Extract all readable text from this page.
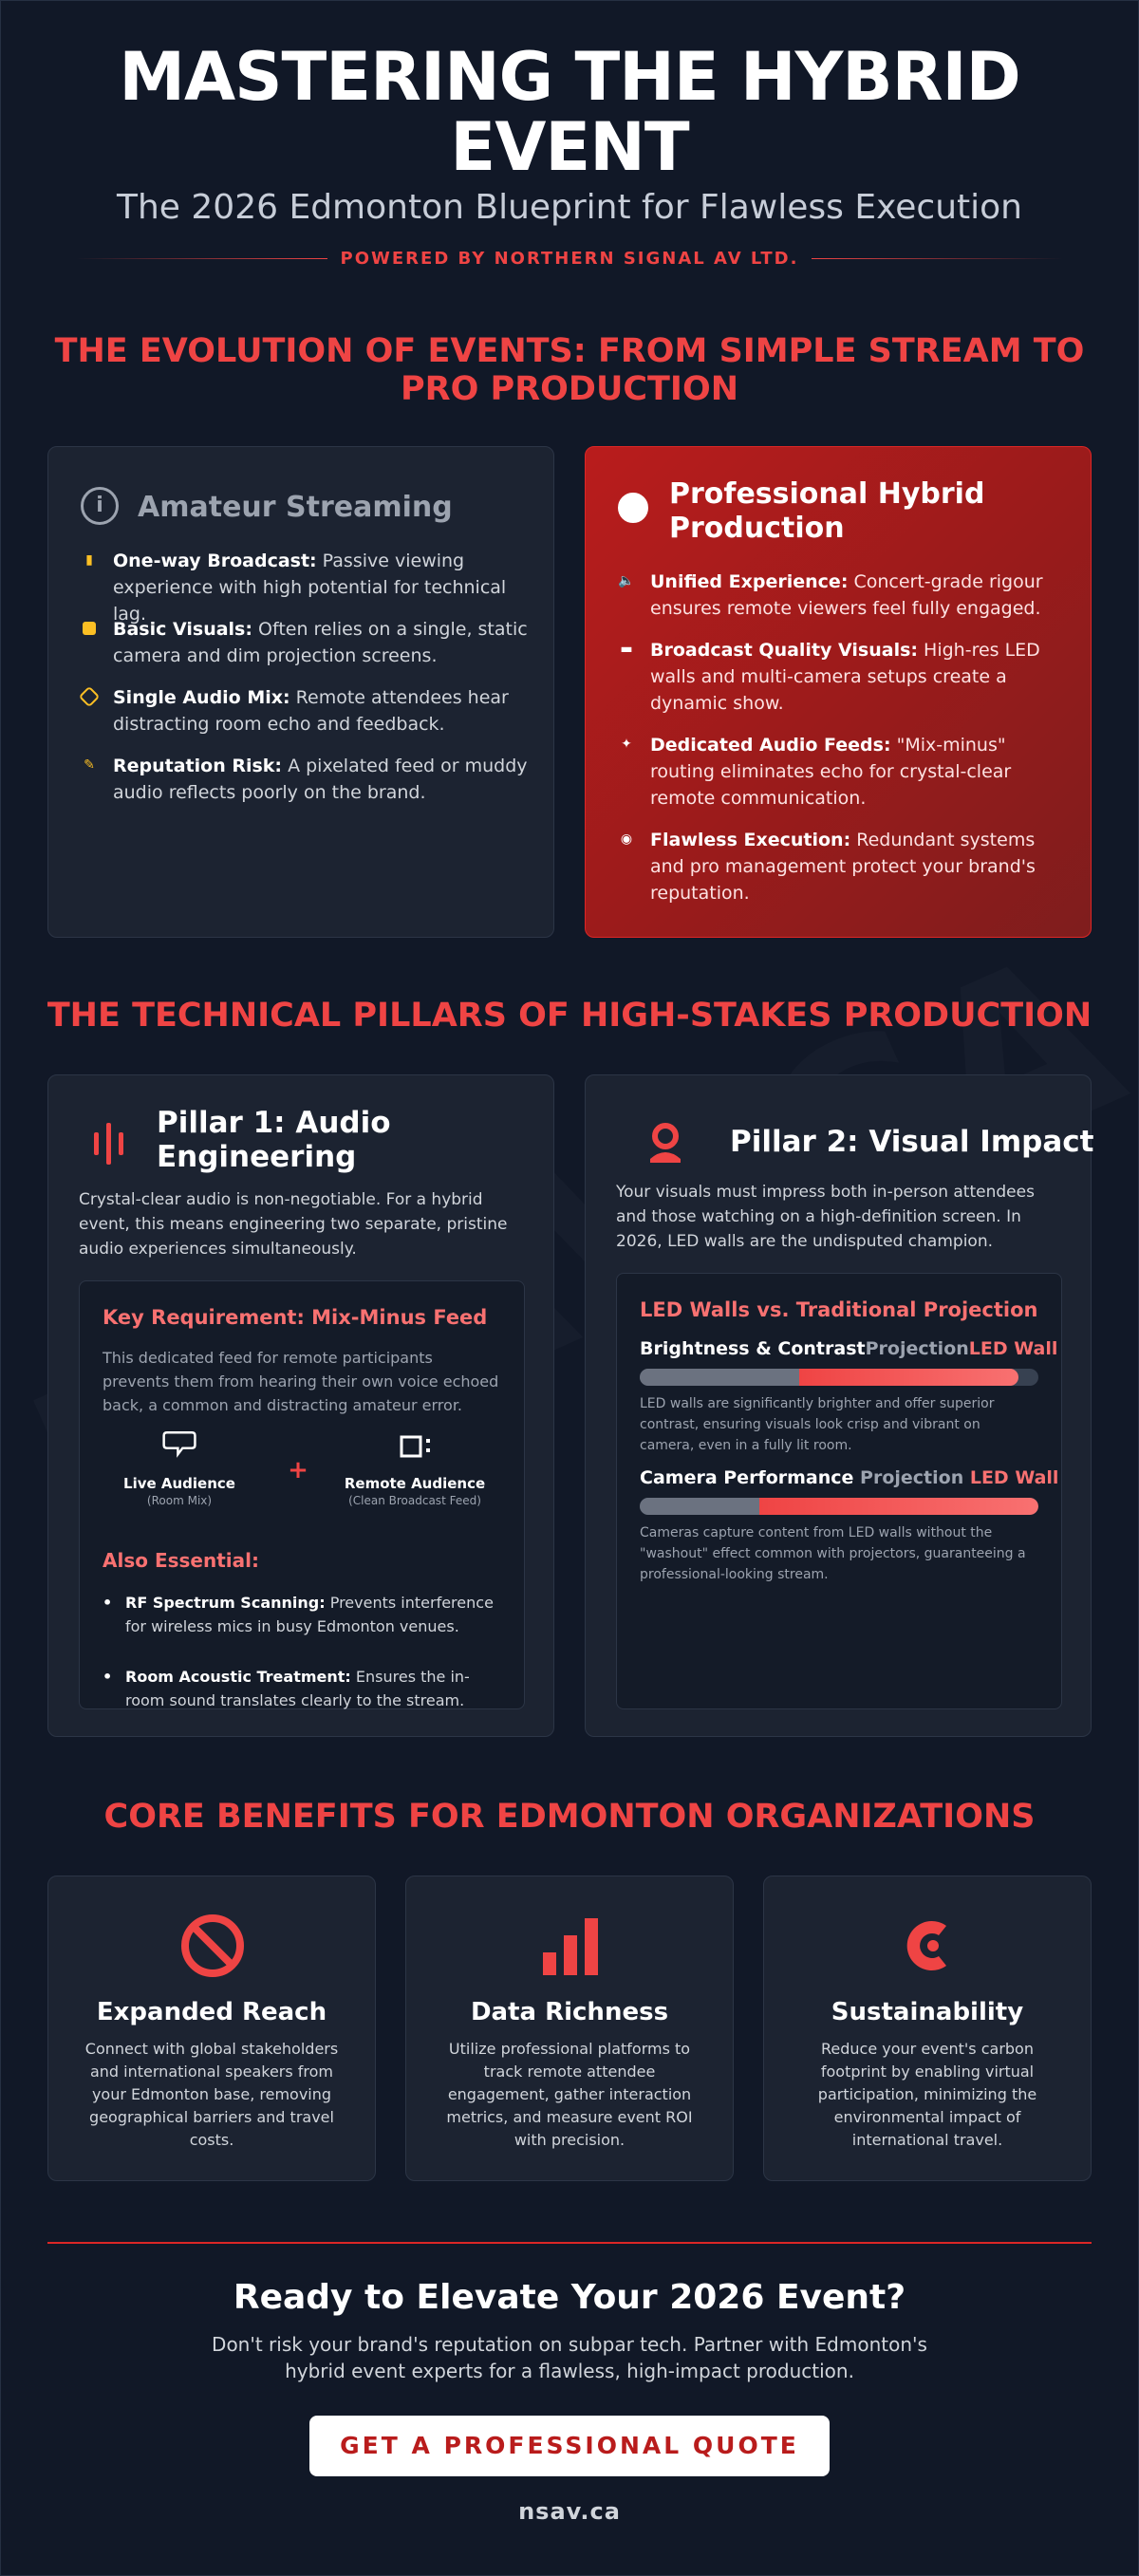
MASTERING THE HYBRID EVENT
The 2026 Edmonton Blueprint for Flawless Execution
POWERED BY NORTHERN SIGNAL AV LTD.
THE EVOLUTION OF EVENTS: FROM SIMPLE STREAM TO PRO PRODUCTION
i	Amateur Streaming
▮ One-way Broadcast: Passive viewing experience with high potential for technical lag.
Basic Visuals: Often relies on a single, static camera and dim projection screens.
Single Audio Mix: Remote attendees hear distracting room echo and feedback.
✎ Reputation Risk: A pixelated feed or muddy audio reflects poorly on the brand.
Professional Hybrid Production
🔈 Unified Experience: Concert-grade rigour ensures remote viewers feel fully engaged.
▬ Broadcast Quality Visuals: High-res LED walls and multi-camera setups create a dynamic show.
✦ Dedicated Audio Feeds: "Mix-minus" routing eliminates echo for crystal-clear remote communication.
◉ Flawless Execution: Redundant systems and pro management protect your brand's reputation.
THE TECHNICAL PILLARS OF HIGH-STAKES PRODUCTION
Pillar 1: Audio Engineering
Crystal-clear audio is non-negotiable. For a hybrid event, this means engineering two separate, pristine audio experiences simultaneously.
Key Requirement: Mix-Minus Feed
This dedicated feed for remote participants prevents them from hearing their own voice echoed back, a common and distracting amateur error.
Live Audience
(Room Mix)
+	Remote Audience
(Clean Broadcast Feed)
Also Essential:
• RF Spectrum Scanning: Prevents interference for wireless mics in busy Edmonton venues.
• Room Acoustic Treatment: Ensures the in-room sound translates clearly to the stream.
Pillar 2: Visual Impact
Your visuals must impress both in-person attendees and those watching on a high-definition screen. In 2026, LED walls are the undisputed champion.
LED Walls vs. Traditional Projection
Brightness & ContrastProjectionLED Wall
LED walls are significantly brighter and offer superior contrast, ensuring visuals look crisp and vibrant on camera, even in a fully lit room.
Camera Performance Projection LED Wall
Cameras capture content from LED walls without the "washout" effect common with projectors, guaranteeing a professional-looking stream.
CORE BENEFITS FOR EDMONTON ORGANIZATIONS
Expanded Reach
Connect with global stakeholders and international speakers from your Edmonton base, removing geographical barriers and travel costs.
Data Richness
Utilize professional platforms to track remote attendee engagement, gather interaction metrics, and measure event ROI with precision.
Sustainability
Reduce your event's carbon footprint by enabling virtual participation, minimizing the environmental impact of international travel.
Ready to Elevate Your 2026 Event?
Don't risk your brand's reputation on subpar tech. Partner with Edmonton's hybrid event experts for a flawless, high-impact production.
GET A PROFESSIONAL QUOTE
nsav.ca
